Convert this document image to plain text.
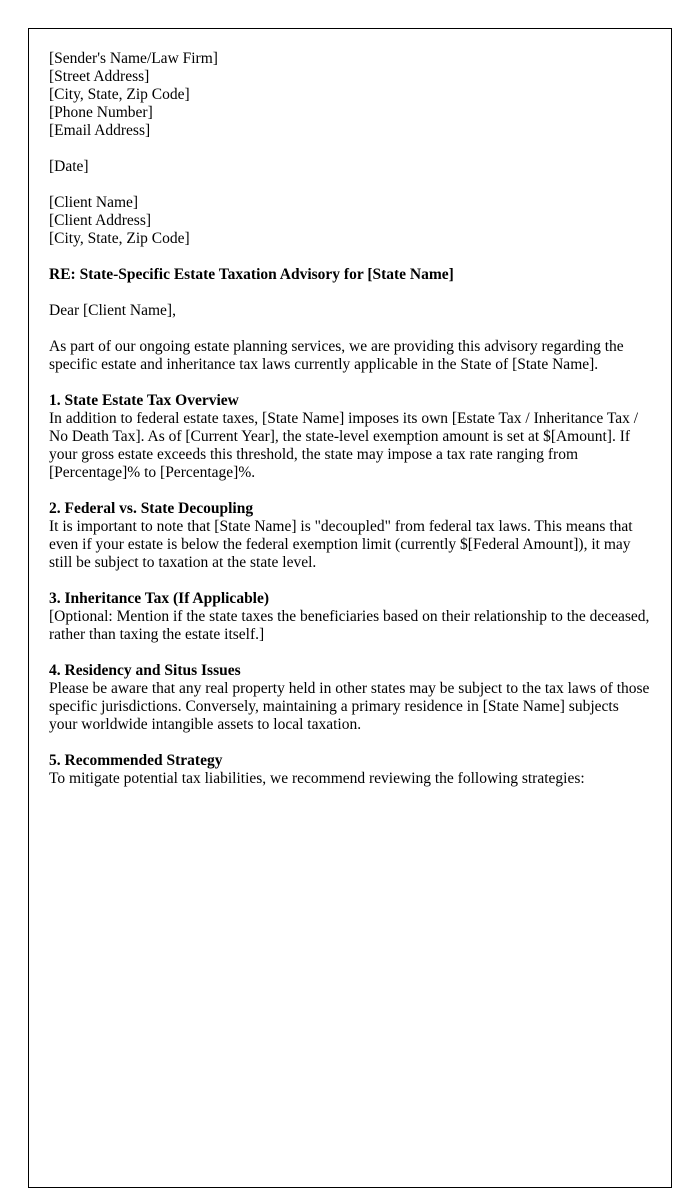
[Sender's Name/Law Firm]

[Street Address]

[City, State, Zip Code]

[Phone Number]

[Email Address]

[Date]

[Client Name]

[Client Address]

[City, State, Zip Code]

RE: State-Specific Estate Taxation Advisory for [State Name]

Dear [Client Name],

As part of our ongoing estate planning services, we are providing this advisory regarding the specific estate and inheritance tax laws currently applicable in the State of [State Name].

1. State Estate Tax Overview

In addition to federal estate taxes, [State Name] imposes its own [Estate Tax / Inheritance Tax / No Death Tax]. As of [Current Year], the state-level exemption amount is set at $[Amount]. If your gross estate exceeds this threshold, the state may impose a tax rate ranging from [Percentage]% to [Percentage]%.

2. Federal vs. State Decoupling

It is important to note that [State Name] is "decoupled" from federal tax laws. This means that even if your estate is below the federal exemption limit (currently $[Federal Amount]), it may still be subject to taxation at the state level.

3. Inheritance Tax (If Applicable)

[Optional: Mention if the state taxes the beneficiaries based on their relationship to the deceased, rather than taxing the estate itself.]

4. Residency and Situs Issues

Please be aware that any real property held in other states may be subject to the tax laws of those specific jurisdictions. Conversely, maintaining a primary residence in [State Name] subjects your worldwide intangible assets to local taxation.

5. Recommended Strategy

To mitigate potential tax liabilities, we recommend reviewing the following strategies:
